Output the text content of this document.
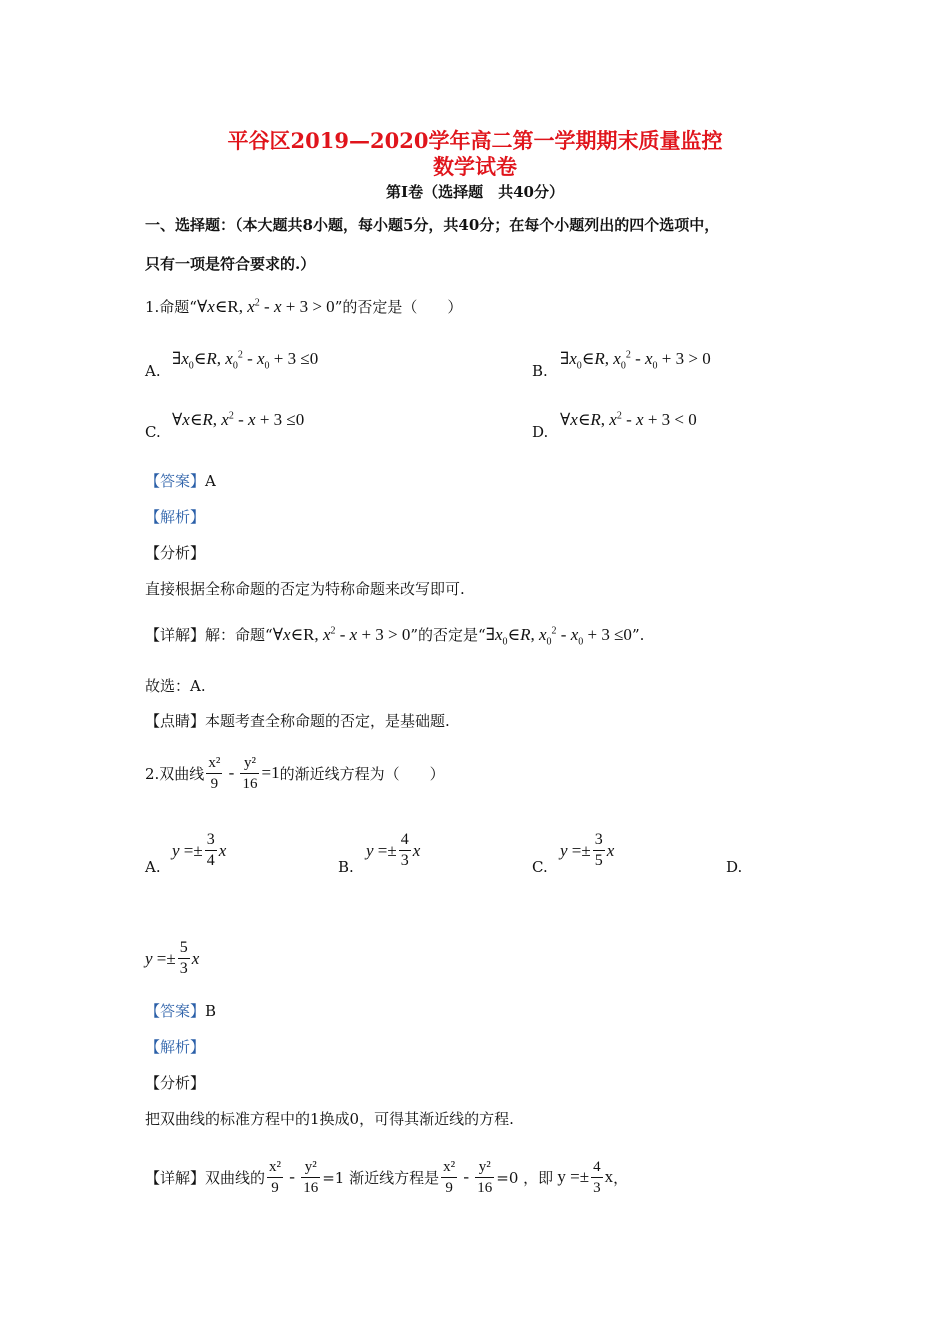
平谷区2019—2020学年高二第一学期期末质量监控
数学试卷
第Ⅰ卷（选择题　共40分）
一、选择题：（本大题共8小题，每小题5分，共40分；在每个小题列出的四个选项中，
只有一项是符合要求的.）
1.命题“∀x∈R, $x^2 - x + 3 > 0$”的否定是（　　）
A.
$\exists x_0\in R$, $x_0^2 - x_0 + 3 \le 0$
B.
$\exists x_0\in R$, $x_0^2 - x_0 + 3 > 0$
C.
∀x∈R, $x^2 - x + 3 \le 0$
D.
∀x∈R, $x^2 - x + 3 < 0$
【答案】A
【解析】
【分析】
直接根据全称命题的否定为特称命题来改写即可.
【详解】解：命题“∀x∈R, $x^2 - x + 3 > 0$”的否定是“$\exists x_0\in R$, $x_0^2 - x_0 + 3 \le 0$”.
故选：A.
【点睛】本题考查全称命题的否定，是基础题.
2.双曲线 $\frac{\text{x²}}{9} - \frac{\text{y²}}{16} =1$ 的渐近线方程为（　　）
A.
y = ± $\frac{3}{4}$ x
B.
y = ± $\frac{4}{3}$ x
C.
y = ± $\frac{3}{5}$ x
D.
y = ± $\frac{5}{3}$ x
【答案】B
【解析】
【分析】
把双曲线的标准方程中的1换成0，可得其渐近线的方程.
【详解】 双曲线的 $\frac{\text{x²}}{9} - \frac{\text{y²}}{16} =1$ 渐近线方程是 $\frac{\text{x²}}{9} - \frac{\text{y²}}{16} =0$ ，即 y = ± $\frac{4}{3}$ x ，
